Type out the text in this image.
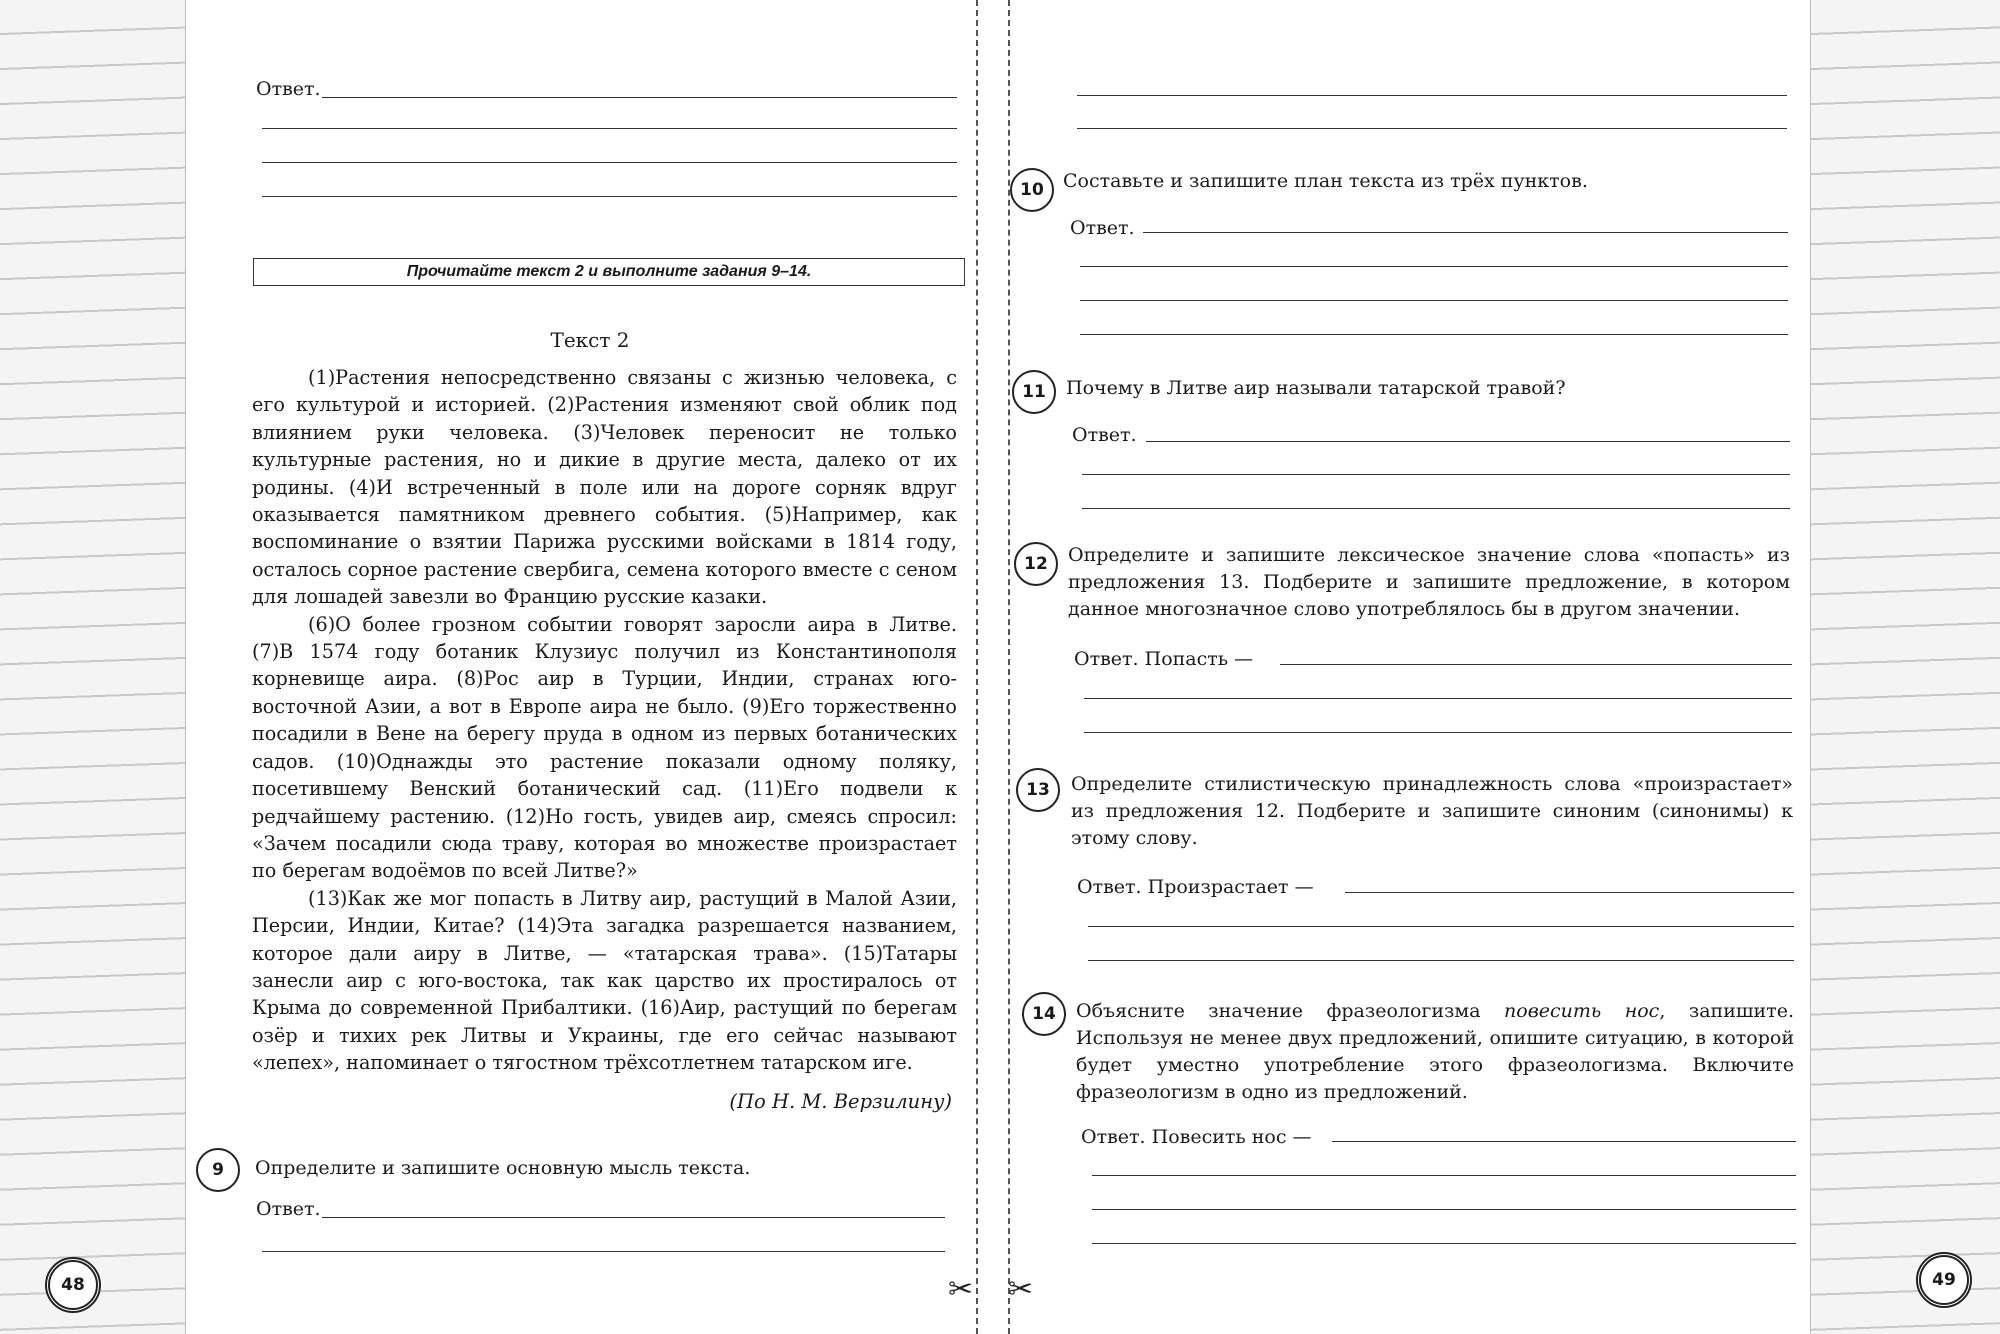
✂ ✂
Ответ.
Прочитайте текст 2 и выполните задания 9–14.
Текст 2

(1)Растения непосредственно связаны с жизнью человека, с его культурой и историей. (2)Растения изменяют свой облик под влиянием руки человека. (3)Человек переносит не только культурные растения, но и дикие в другие места, далеко от их родины. (4)И встреченный в поле или на дороге сорняк вдруг оказывается памятником древнего события. (5)Например, как воспоминание о взятии Парижа русскими войсками в 1814 году, осталось сорное растение свербига, семена которого вместе с сеном для лошадей завезли во Францию русские казаки.

(6)О более грозном событии говорят заросли аира в Литве. (7)В 1574 году ботаник Клузиус получил из Константинополя корневище аира. (8)Рос аир в Турции, Индии, странах юго-восточной Азии, а вот в Европе аира не было. (9)Его торжественно посадили в Вене на берегу пруда в одном из первых ботанических садов. (10)Однажды это растение показали одному поляку, посетившему Венский ботанический сад. (11)Его подвели к редчайшему растению. (12)Но гость, увидев аир, смеясь спросил: «Зачем посадили сюда траву, которая во множестве произрастает по берегам водоёмов по всей Литве?»

(13)Как же мог попасть в Литву аир, растущий в Малой Азии, Персии, Индии, Китае? (14)Эта загадка разрешается названием, которое дали аиру в Литве, — «татарская трава». (15)Татары занесли аир с юго-востока, так как царство их простиралось от Крыма до современной Прибалтики. (16)Аир, растущий по берегам озёр и тихих рек Литвы и Украины, где его сейчас называют «лепех», напоминает о тягостном трёхсотлетнем татарском иге.

(По Н. М. Верзилину)
9	Определите и запишите основную мысль текста.
Ответ.
48
10	Составьте и запишите план текста из трёх пунктов.
Ответ.
11	Почему в Литве аир называли татарской травой?
Ответ.
12	Определите и запишите лексическое значение слова «попасть» из предложения 13. Подберите и запишите предложение, в котором данное многозначное слово употреблялось бы в другом значении.
Ответ. Попасть —
13	Определите стилистическую принадлежность слова «произрастает» из предложения 12. Подберите и запишите синоним (синонимы) к этому слову.
Ответ. Произрастает —
14	Объясните значение фразеологизма повесить нос, запишите. Используя не менее двух предложений, опишите ситуацию, в которой будет уместно употребление этого фразеологизма. Включите фразеологизм в одно из предложений.
Ответ. Повесить нос —
49
